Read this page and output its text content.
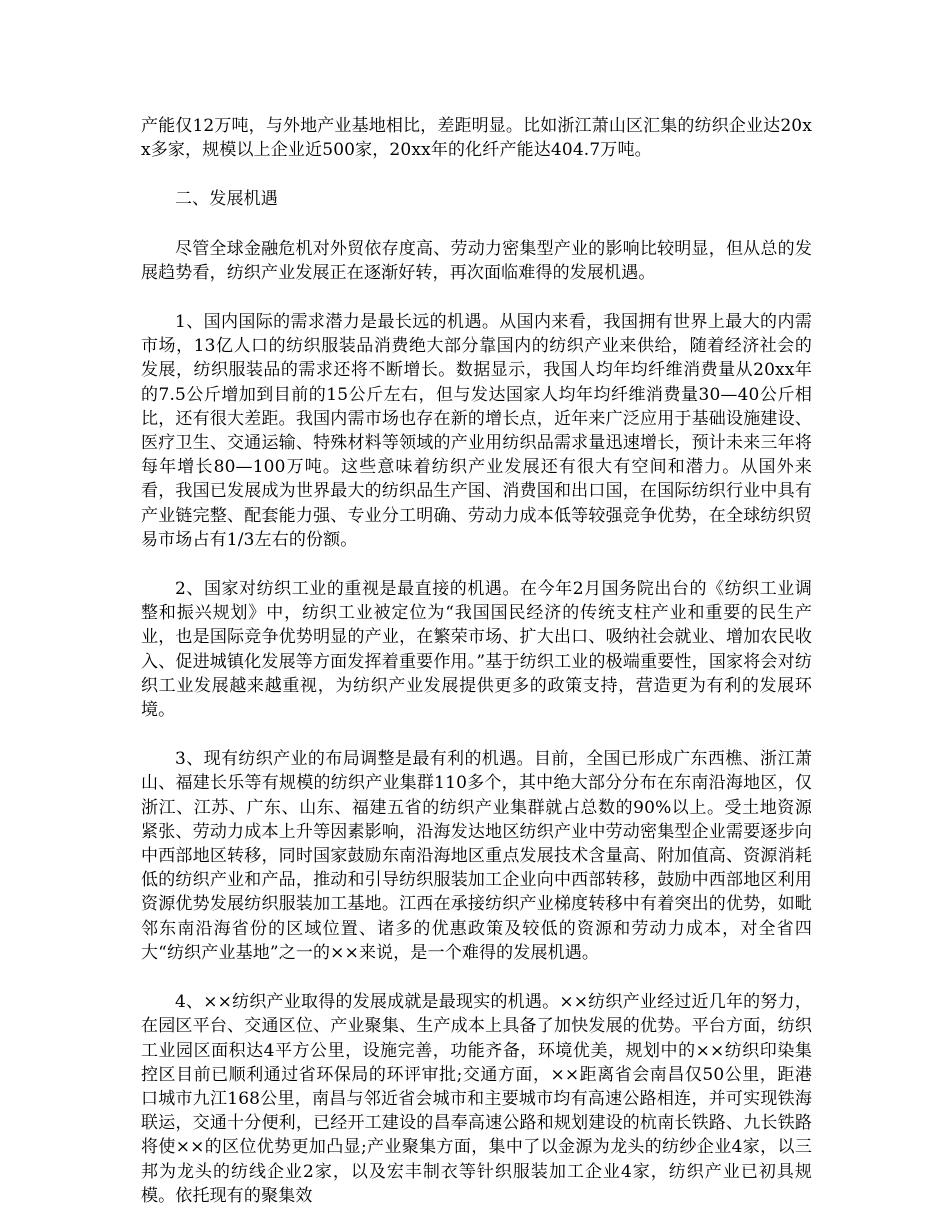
产能仅12万吨，与外地产业基地相比，差距明显。比如浙江萧山区汇集的纺织企业达20xx多家，规模以上企业近500家，20xx年的化纤产能达404.7万吨。

二、发展机遇

尽管全球金融危机对外贸依存度高、劳动力密集型产业的影响比较明显，但从总的发展趋势看，纺织产业发展正在逐渐好转，再次面临难得的发展机遇。

1、国内国际的需求潜力是最长远的机遇。从国内来看，我国拥有世界上最大的内需市场，13亿人口的纺织服装品消费绝大部分靠国内的纺织产业来供给，随着经济社会的发展，纺织服装品的需求还将不断增长。数据显示，我国人均年均纤维消费量从20xx年的7.5公斤增加到目前的15公斤左右，但与发达国家人均年均纤维消费量30—40公斤相比，还有很大差距。我国内需市场也存在新的增长点，近年来广泛应用于基础设施建设、医疗卫生、交通运输、特殊材料等领域的产业用纺织品需求量迅速增长，预计未来三年将每年增长80—100万吨。这些意味着纺织产业发展还有很大有空间和潜力。从国外来看，我国已发展成为世界最大的纺织品生产国、消费国和出口国，在国际纺织行业中具有产业链完整、配套能力强、专业分工明确、劳动力成本低等较强竞争优势，在全球纺织贸易市场占有1/3左右的份额。

2、国家对纺织工业的重视是最直接的机遇。在今年2月国务院出台的《纺织工业调整和振兴规划》中，纺织工业被定位为“我国国民经济的传统支柱产业和重要的民生产业，也是国际竞争优势明显的产业，在繁荣市场、扩大出口、吸纳社会就业、增加农民收入、促进城镇化发展等方面发挥着重要作用。”基于纺织工业的极端重要性，国家将会对纺织工业发展越来越重视，为纺织产业发展提供更多的政策支持，营造更为有利的发展环境。

3、现有纺织产业的布局调整是最有利的机遇。目前，全国已形成广东西樵、浙江萧山、福建长乐等有规模的纺织产业集群110多个，其中绝大部分分布在东南沿海地区，仅浙江、江苏、广东、山东、福建五省的纺织产业集群就占总数的90%以上。受土地资源紧张、劳动力成本上升等因素影响，沿海发达地区纺织产业中劳动密集型企业需要逐步向中西部地区转移，同时国家鼓励东南沿海地区重点发展技术含量高、附加值高、资源消耗低的纺织产业和产品，推动和引导纺织服装加工企业向中西部转移，鼓励中西部地区利用资源优势发展纺织服装加工基地。江西在承接纺织产业梯度转移中有着突出的优势，如毗邻东南沿海省份的区域位置、诸多的优惠政策及较低的资源和劳动力成本，对全省四大“纺织产业基地”之一的××来说，是一个难得的发展机遇。

4、××纺织产业取得的发展成就是最现实的机遇。××纺织产业经过近几年的努力，在园区平台、交通区位、产业聚集、生产成本上具备了加快发展的优势。平台方面，纺织工业园区面积达4平方公里，设施完善，功能齐备，环境优美，规划中的××纺织印染集控区目前已顺利通过省环保局的环评审批;交通方面，××距离省会南昌仅50公里，距港口城市九江168公里，南昌与邻近省会城市和主要城市均有高速公路相连，并可实现铁海联运，交通十分便利，已经开工建设的昌奉高速公路和规划建设的杭南长铁路、九长铁路将使××的区位优势更加凸显;产业聚集方面，集中了以金源为龙头的纺纱企业4家，以三邦为龙头的纺线企业2家，以及宏丰制衣等针织服装加工企业4家，纺织产业已初具规模。依托现有的聚集效
